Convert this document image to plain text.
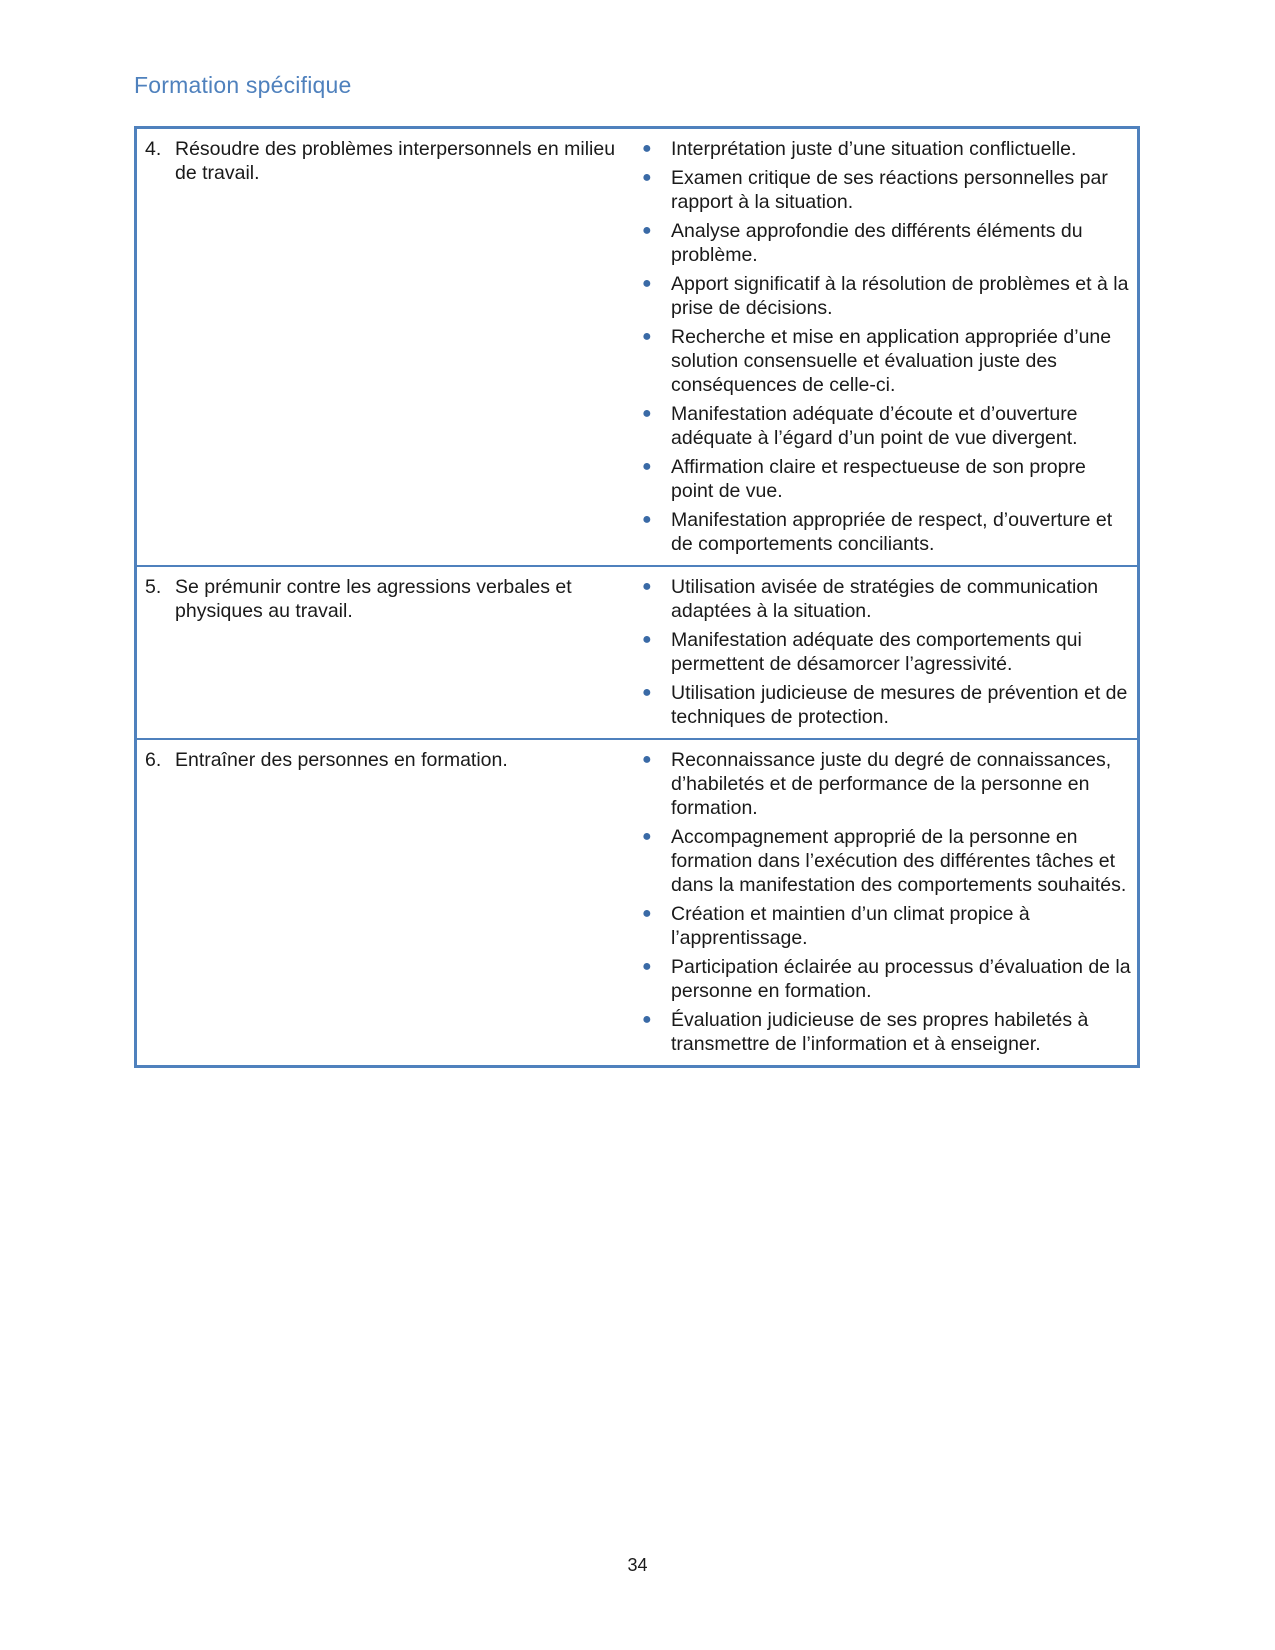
Formation spécifique
4. Résoudre des problèmes interpersonnels en milieu de travail.
● Interprétation juste d’une situation conflictuelle.
● Examen critique de ses réactions personnelles par rapport à la situation.
● Analyse approfondie des différents éléments du problème.
● Apport significatif à la résolution de problèmes et à la prise de décisions.
● Recherche et mise en application appropriée d’une solution consensuelle et évaluation juste des conséquences de celle-ci.
● Manifestation adéquate d’écoute et d’ouverture adéquate à l’égard d’un point de vue divergent.
● Affirmation claire et respectueuse de son propre point de vue.
● Manifestation appropriée de respect, d’ouverture et de comportements conciliants.
5. Se prémunir contre les agressions verbales et physiques au travail.
● Utilisation avisée de stratégies de communication adaptées à la situation.
● Manifestation adéquate des comportements qui permettent de désamorcer l’agressivité.
● Utilisation judicieuse de mesures de prévention et de techniques de protection.
6. Entraîner des personnes en formation.	● Reconnaissance juste du degré de connaissances, d’habiletés et de performance de la personne en formation.
● Accompagnement approprié de la personne en formation dans l’exécution des différentes tâches et dans la manifestation des comportements souhaités.
● Création et maintien d’un climat propice à l’apprentissage.
● Participation éclairée au processus d’évaluation de la personne en formation.
● Évaluation judicieuse de ses propres habiletés à transmettre de l’information et à enseigner.
34
